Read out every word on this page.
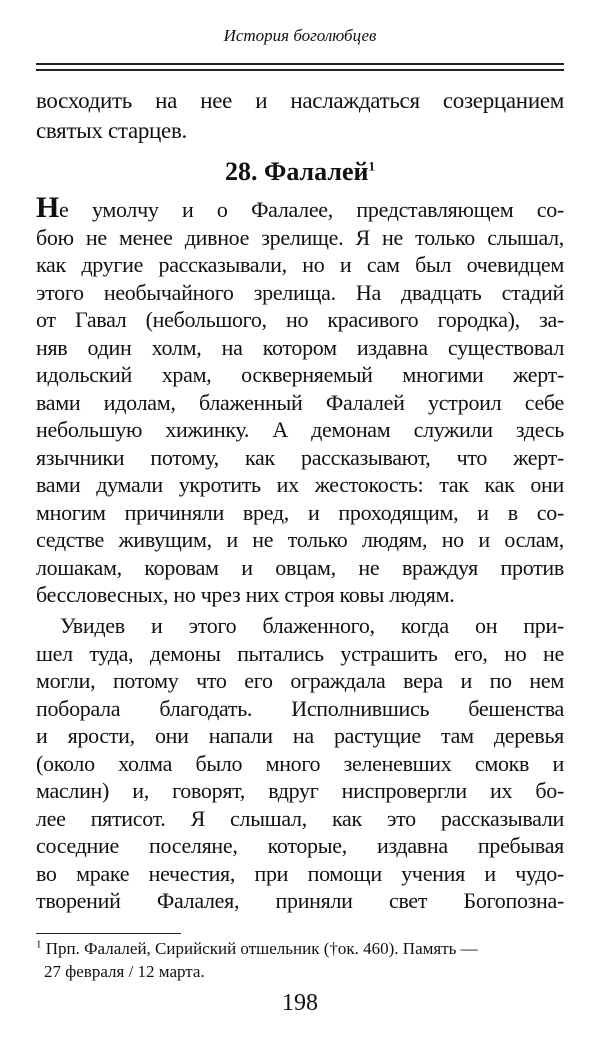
История боголюбцев
восходить на нее и наслаждаться созерцанием
святых старцев.
28. Фалалей$^1$
Не умолчу и о Фалалее, представляющем со-
бою не менее дивное зрелище. Я не только слышал,
как другие рассказывали, но и сам был очевидцем
этого необычайного зрелища. На двадцать стадий
от Гавал (небольшого, но красивого городка), за-
няв один холм, на котором издавна существовал
идольский храм, оскверняемый многими жерт-
вами идолам, блаженный Фалалей устроил себе
небольшую хижинку. А демонам служили здесь
язычники потому, как рассказывают, что жерт-
вами думали укротить их жестокость: так как они
многим причиняли вред, и проходящим, и в со-
седстве живущим, и не только людям, но и ослам,
лошакам, коровам и овцам, не враждуя против
бессловесных, но чрез них строя ковы людям.
Увидев и этого блаженного, когда он при-
шел туда, демоны пытались устрашить его, но не
могли, потому что его ограждала вера и по нем
поборала благодать. Исполнившись бешенства
и ярости, они напали на растущие там деревья
(около холма было много зеленевших смокв и
маслин) и, говорят, вдруг ниспровергли их бо-
лее пятисот. Я слышал, как это рассказывали
соседние поселяне, которые, издавна пребывая
во мраке нечестия, при помощи учения и чудо-
творений Фалалея, приняли свет Богопозна-
$^1$ Прп. Фалалей, Сирийский отшельник (†ок. 460). Память —
27 февраля / 12 марта.
198
